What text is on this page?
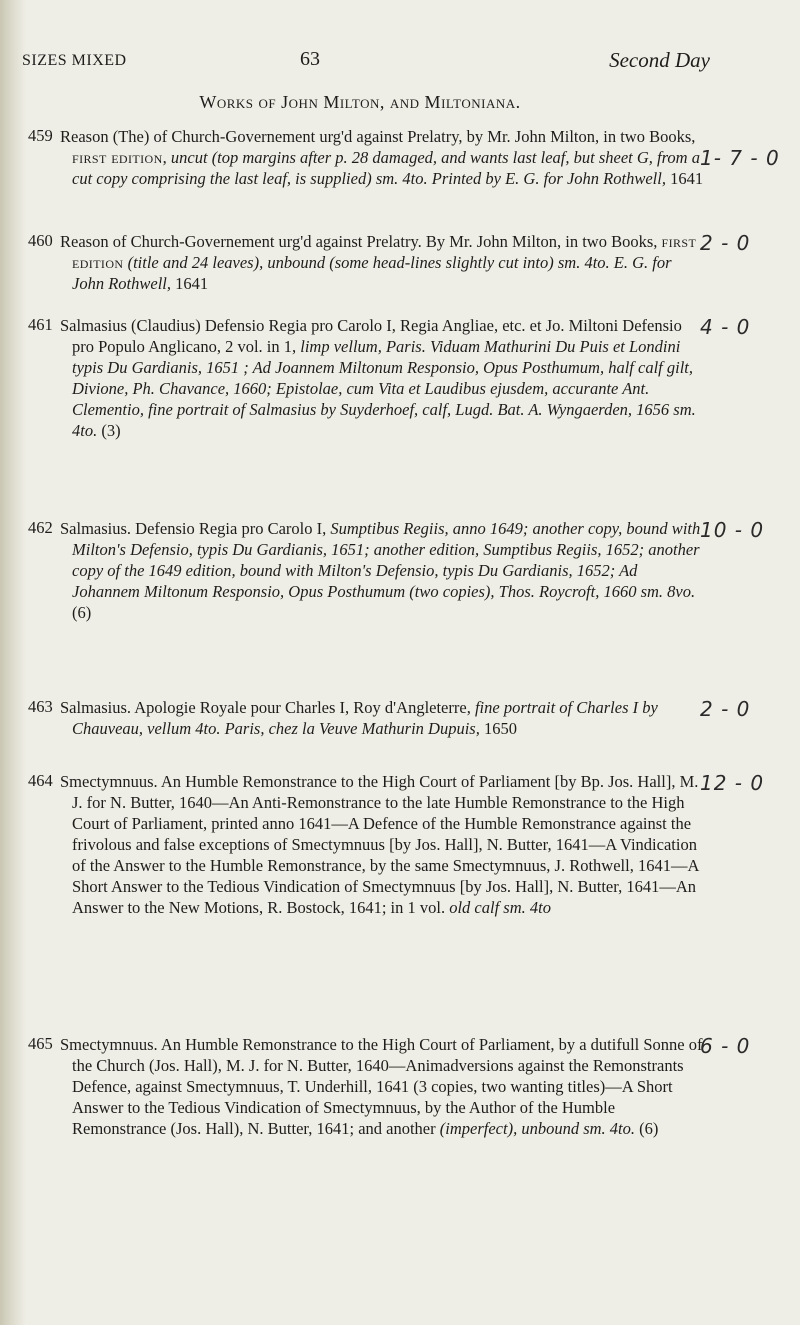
SIZES MIXED	63	Second Day
Works of John Milton, and Miltoniana.
459 Reason (The) of Church-Governement urg'd against Prelatry, by Mr. John Milton, in two Books, first edition, uncut (top margins after p. 28 damaged, and wants last leaf, but sheet G, from a cut copy comprising the last leaf, is supplied) sm. 4to. Printed by E. G. for John Rothwell, 1641
1- 7 - 0
460 Reason of Church-Governement urg'd against Prelatry. By Mr. John Milton, in two Books, first edition (title and 24 leaves), unbound (some head-lines slightly cut into) sm. 4to. E. G. for John Rothwell, 1641
2 - 0
461 Salmasius (Claudius) Defensio Regia pro Carolo I, Regia Angliae, etc. et Jo. Miltoni Defensio pro Populo Anglicano, 2 vol. in 1, limp vellum, Paris. Viduam Mathurini Du Puis et Londini typis Du Gardianis, 1651 ; Ad Joannem Miltonum Responsio, Opus Posthumum, half calf gilt, Divione, Ph. Chavance, 1660; Epistolae, cum Vita et Laudibus ejusdem, accurante Ant. Clementio, fine portrait of Salmasius by Suyderhoef, calf, Lugd. Bat. A. Wyngaerden, 1656 sm. 4to. (3)
4 - 0
462 Salmasius. Defensio Regia pro Carolo I, Sumptibus Regiis, anno 1649; another copy, bound with Milton's Defensio, typis Du Gardianis, 1651; another edition, Sumptibus Regiis, 1652; another copy of the 1649 edition, bound with Milton's Defensio, typis Du Gardianis, 1652; Ad Johannem Miltonum Responsio, Opus Posthumum (two copies), Thos. Roycroft, 1660 sm. 8vo. (6)
10 - 0
463 Salmasius. Apologie Royale pour Charles I, Roy d'Angleterre, fine portrait of Charles I by Chauveau, vellum 4to. Paris, chez la Veuve Mathurin Dupuis, 1650
2 - 0
464 Smectymnuus. An Humble Remonstrance to the High Court of Parliament [by Bp. Jos. Hall], M. J. for N. Butter, 1640—An Anti-Remonstrance to the late Humble Remonstrance to the High Court of Parliament, printed anno 1641—A Defence of the Humble Remonstrance against the frivolous and false exceptions of Smectymnuus [by Jos. Hall], N. Butter, 1641—A Vindication of the Answer to the Humble Remonstrance, by the same Smectymnuus, J. Rothwell, 1641—A Short Answer to the Tedious Vindication of Smectymnuus [by Jos. Hall], N. Butter, 1641—An Answer to the New Motions, R. Bostock, 1641; in 1 vol. old calf sm. 4to
12 - 0
465 Smectymnuus. An Humble Remonstrance to the High Court of Parliament, by a dutifull Sonne of the Church (Jos. Hall), M. J. for N. Butter, 1640—Animadversions against the Remonstrants Defence, against Smectymnuus, T. Underhill, 1641 (3 copies, two wanting titles)—A Short Answer to the Tedious Vindication of Smectymnuus, by the Author of the Humble Remonstrance (Jos. Hall), N. Butter, 1641; and another (imperfect), unbound sm. 4to. (6)
6 - 0
